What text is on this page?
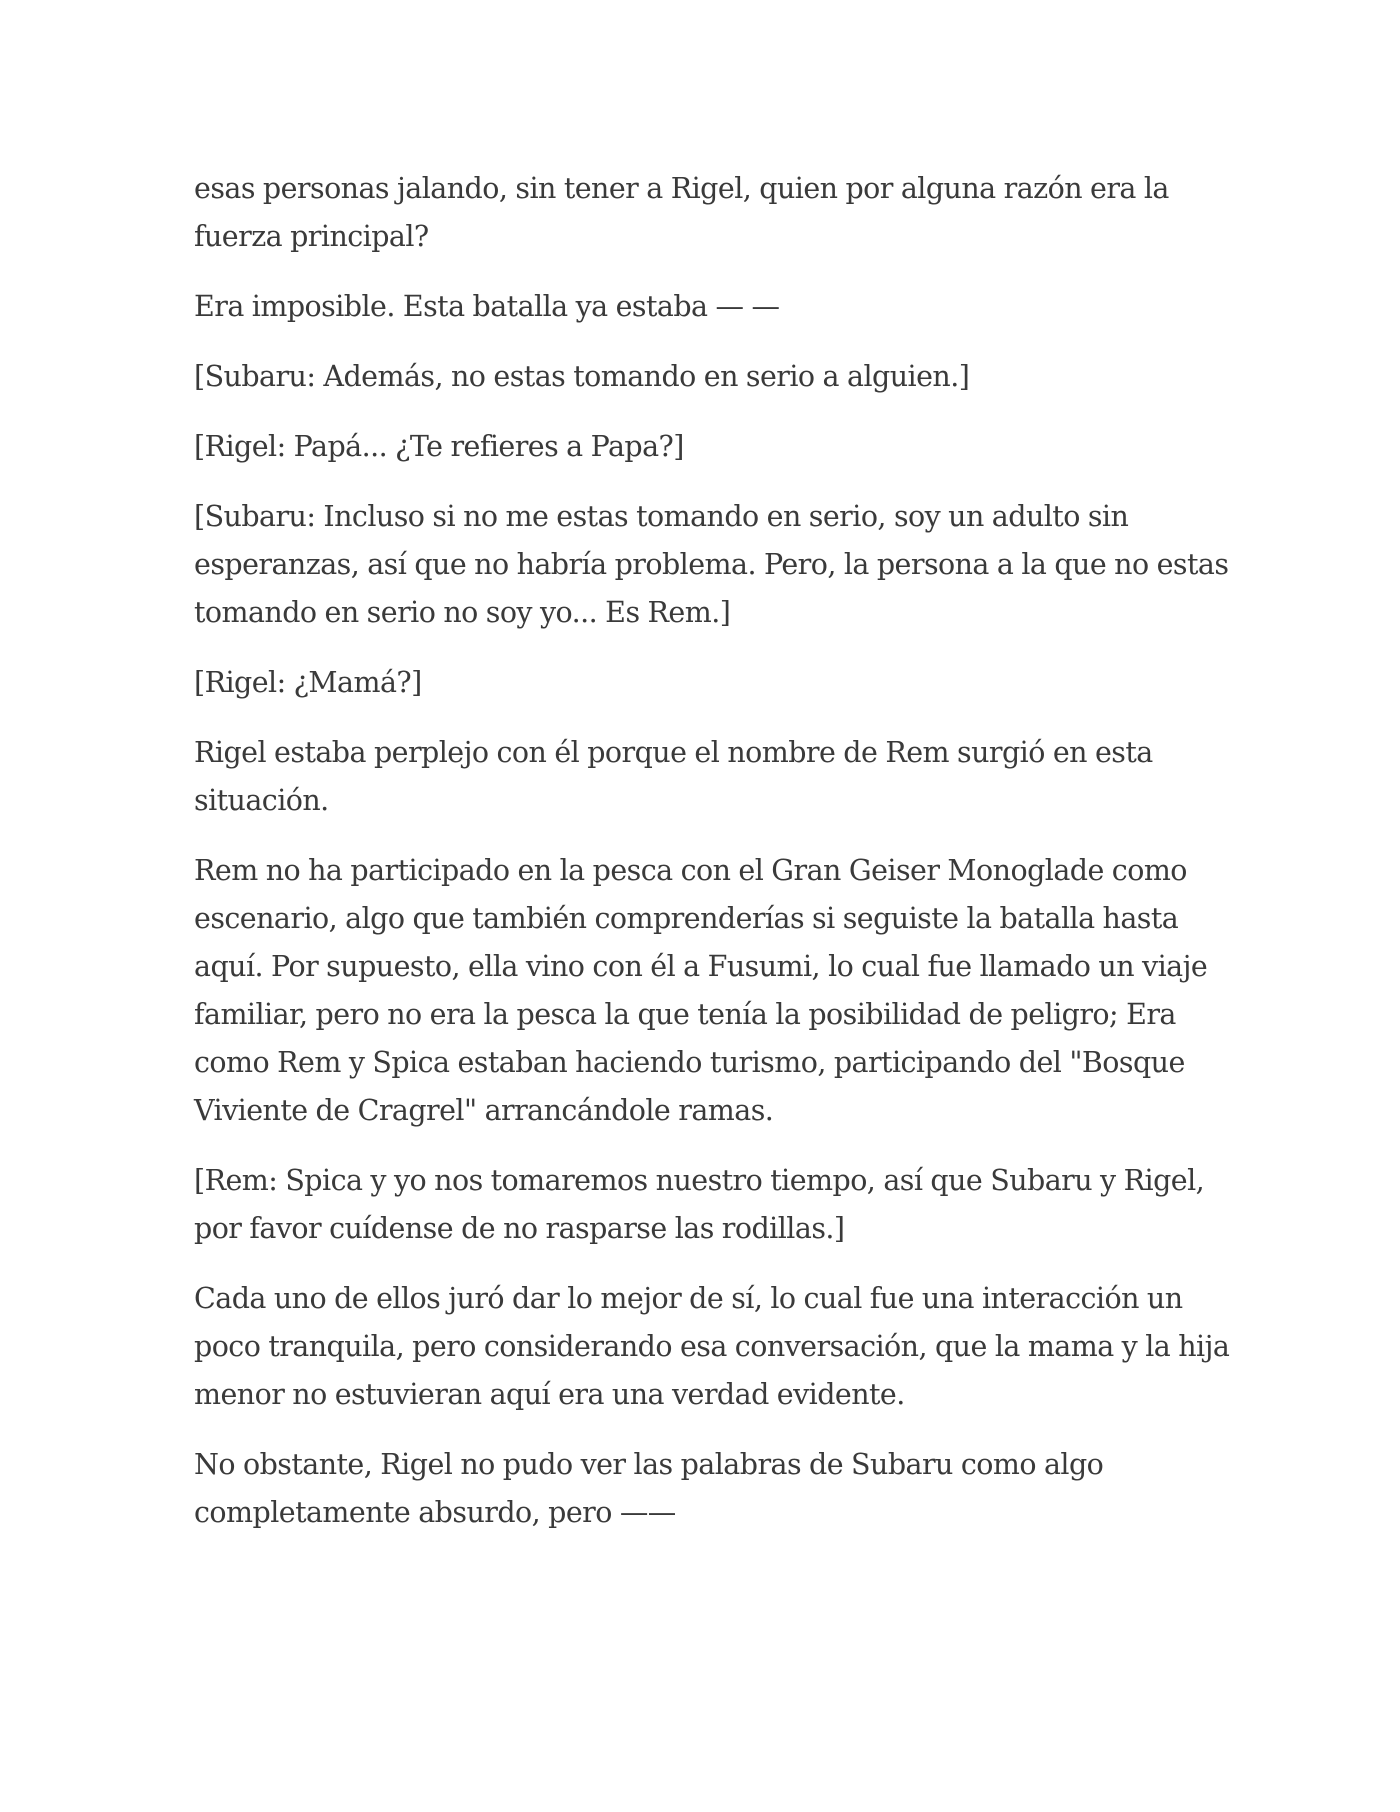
esas personas jalando, sin tener a Rigel, quien por alguna razón era la fuerza principal?

Era imposible. Esta batalla ya estaba — —

[Subaru: Además, no estas tomando en serio a alguien.]

[Rigel: Papá... ¿Te refieres a Papa?]

[Subaru: Incluso si no me estas tomando en serio, soy un adulto sin esperanzas, así que no habría problema. Pero, la persona a la que no estas tomando en serio no soy yo... Es Rem.]

[Rigel: ¿Mamá?]

Rigel estaba perplejo con él porque el nombre de Rem surgió en esta situación.

Rem no ha participado en la pesca con el Gran Geiser Monoglade como escenario, algo que también comprenderías si seguiste la batalla hasta aquí. Por supuesto, ella vino con él a Fusumi, lo cual fue llamado un viaje familiar, pero no era la pesca la que tenía la posibilidad de peligro; Era como Rem y Spica estaban haciendo turismo, participando del "Bosque Viviente de Cragrel" arrancándole ramas.

[Rem: Spica y yo nos tomaremos nuestro tiempo, así que Subaru y Rigel, por favor cuídense de no rasparse las rodillas.]

Cada uno de ellos juró dar lo mejor de sí, lo cual fue una interacción un poco tranquila, pero considerando esa conversación, que la mama y la hija menor no estuvieran aquí era una verdad evidente.

No obstante, Rigel no pudo ver las palabras de Subaru como algo completamente absurdo, pero ——
